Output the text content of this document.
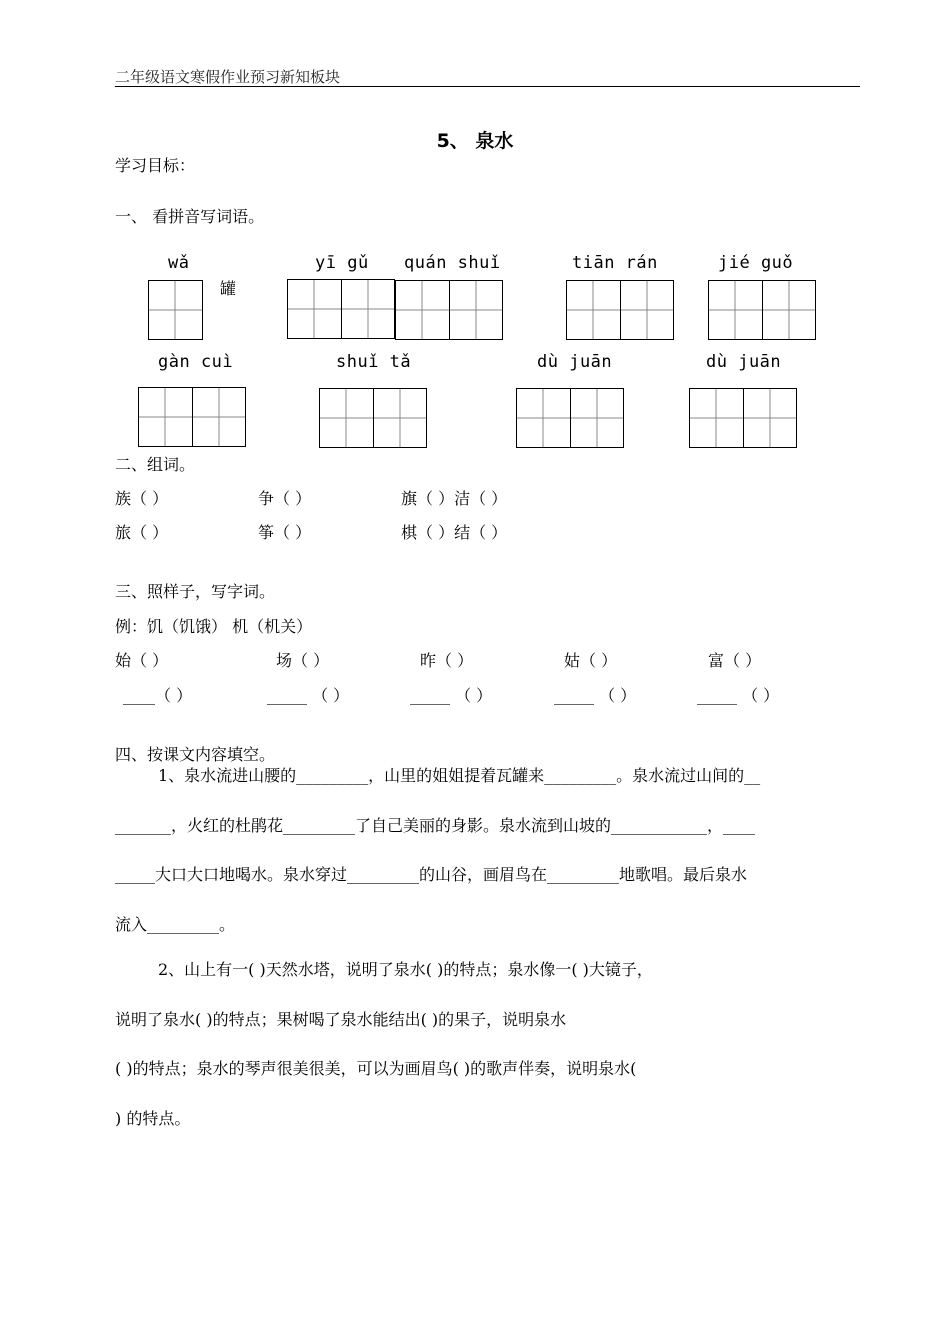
二年级语文寒假作业预习新知板块
5、 泉水
学习目标：
一、 看拼音写词语。
wǎ
罐
yī gǔ quán shuǐ	tiān rán	jié guǒ
gàn cuì	shuǐ tǎ	dù juān	dù juān
二、组词。
族（ ）	争（ ）	旗（ ）洁（ ）
旅（ ）	筝（ ）	棋（ ）结（ ）
三、照样子，写字词。
例：饥（饥饿） 机（机关）
始（ ）	场（ ）	昨（ ）	姑（ ）	富（ ）
____（ ）	_____ （ ）	_____ （ ）	_____ （ ）	_____ （ ）
四、按课文内容填空。
1、泉水流进山腰的_________，山里的姐姐提着瓦罐来_________。泉水流过山间的__
_______，火红的杜鹃花_________了自己美丽的身影。泉水流到山坡的____________，____
_____大口大口地喝水。泉水穿过_________的山谷，画眉鸟在_________地歌唱。最后泉水
流入_________。
2、山上有一( )天然水塔，说明了泉水( )的特点；泉水像一( )大镜子，
说明了泉水( )的特点；果树喝了泉水能结出( )的果子，说明泉水
( )的特点；泉水的琴声很美很美，可以为画眉鸟( )的歌声伴奏，说明泉水(
) 的特点。
